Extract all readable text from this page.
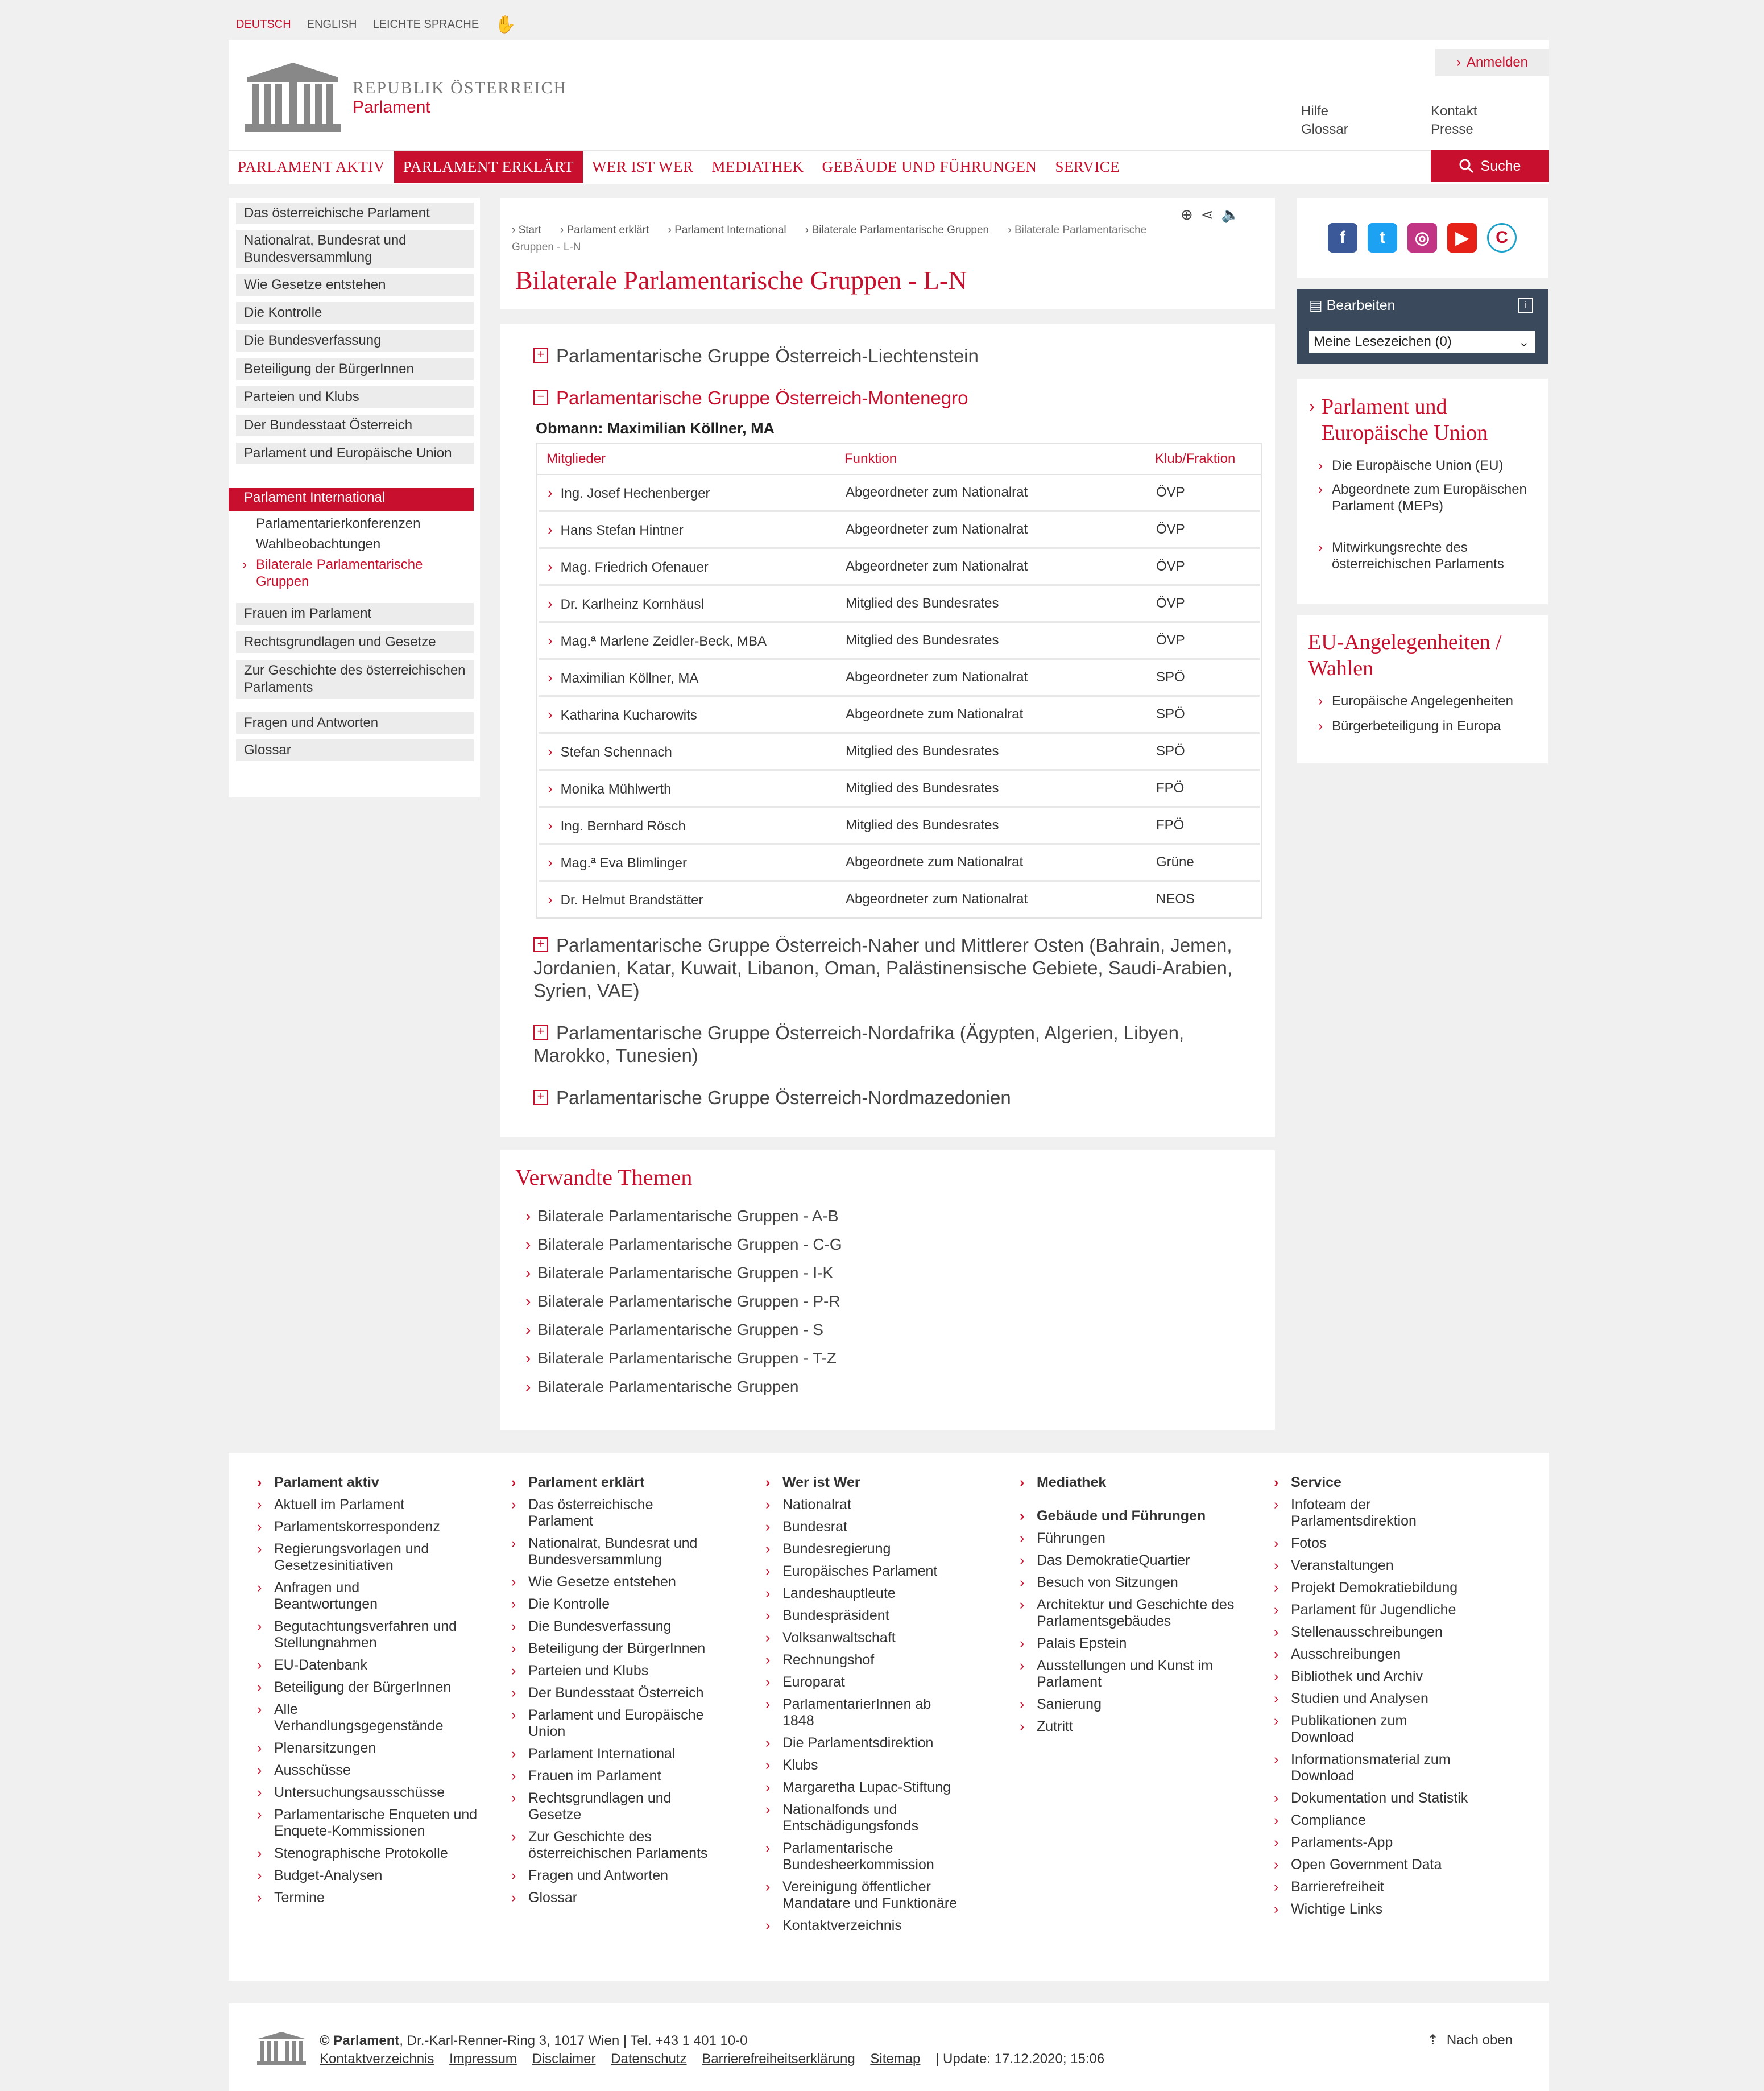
DEUTSCH ENGLISH LEICHTE SPRACHE ✋
› Anmelden
REPUBLIK ÖSTERREICH
Parlament	Hilfe	Kontakt
Glossar	Presse
PARLAMENT AKTIV	PARLAMENT ERKLÄRT	WER IST WER	MEDIATHEK	GEBÄUDE UND FÜHRUNGEN	SERVICE	Suche
Das österreichische Parlament
Nationalrat, Bundesrat und Bundesversammlung
Wie Gesetze entstehen
Die Kontrolle
Die Bundesverfassung
Beteiligung der BürgerInnen
Parteien und Klubs
Der Bundesstaat Österreich
Parlament und Europäische Union
Parlament International
Parlamentarierkonferenzen
Wahlbeobachtungen
› Bilaterale Parlamentarische Gruppen
Frauen im Parlament
Rechtsgrundlagen und Gesetze
Zur Geschichte des österreichischen Parlaments
Fragen und Antworten
Glossar
⊕ ⋖ 🔈
› Start › Parlament erklärt › Parlament International › Bilaterale Parlamentarische Gruppen › Bilaterale Parlamentarische Gruppen - L-N
Bilaterale Parlamentarische Gruppen - L-N
+ Parlamentarische Gruppe Österreich-Liechtenstein
− Parlamentarische Gruppe Österreich-Montenegro
Obmann: Maximilian Köllner, MA
Mitglieder	Funktion	Klub/Fraktion
› Ing. Josef Hechenberger	Abgeordneter zum Nationalrat	ÖVP
› Hans Stefan Hintner	Abgeordneter zum Nationalrat	ÖVP
› Mag. Friedrich Ofenauer	Abgeordneter zum Nationalrat	ÖVP
› Dr. Karlheinz Kornhäusl	Mitglied des Bundesrates	ÖVP
› Mag.ª Marlene Zeidler-Beck, MBA	Mitglied des Bundesrates	ÖVP
› Maximilian Köllner, MA	Abgeordneter zum Nationalrat	SPÖ
› Katharina Kucharowits	Abgeordnete zum Nationalrat	SPÖ
› Stefan Schennach	Mitglied des Bundesrates	SPÖ
› Monika Mühlwerth	Mitglied des Bundesrates	FPÖ
› Ing. Bernhard Rösch	Mitglied des Bundesrates	FPÖ
› Mag.ª Eva Blimlinger	Abgeordnete zum Nationalrat	Grüne
› Dr. Helmut Brandstätter	Abgeordneter zum Nationalrat	NEOS
+ Parlamentarische Gruppe Österreich-Naher und Mittlerer Osten (Bahrain, Jemen, Jordanien, Katar, Kuwait, Libanon, Oman, Palästinensische Gebiete, Saudi-Arabien, Syrien, VAE)
+ Parlamentarische Gruppe Österreich-Nordafrika (Ägypten, Algerien, Libyen, Marokko, Tunesien)
+ Parlamentarische Gruppe Österreich-Nordmazedonien
Verwandte Themen
› Bilaterale Parlamentarische Gruppen - A-B
› Bilaterale Parlamentarische Gruppen - C-G
› Bilaterale Parlamentarische Gruppen - I-K
› Bilaterale Parlamentarische Gruppen - P-R
› Bilaterale Parlamentarische Gruppen - S
› Bilaterale Parlamentarische Gruppen - T-Z
› Bilaterale Parlamentarische Gruppen
f	t	◎	▶	C
▤ Bearbeiten	i
Meine Lesezeichen (0)	⌄
› Parlament und Europäische Union
› Die Europäische Union (EU)
› Abgeordnete zum Europäischen Parlament (MEPs)
› Mitwirkungsrechte des österreichischen Parlaments
EU-Angelegenheiten / Wahlen
› Europäische Angelegenheiten
› Bürgerbeteiligung in Europa
› Parlament aktiv
› Aktuell im Parlament
› Parlamentskorrespondenz
› Regierungsvorlagen und Gesetzesinitiativen
› Anfragen und Beantwortungen
› Begutachtungsverfahren und Stellungnahmen
› EU-Datenbank
› Beteiligung der BürgerInnen
› Alle Verhandlungsgegenstände
› Plenarsitzungen
› Ausschüsse
› Untersuchungsausschüsse
› Parlamentarische Enqueten und Enquete-Kommissionen
› Stenographische Protokolle
› Budget-Analysen
› Termine
› Parlament erklärt
› Das österreichische Parlament
› Nationalrat, Bundesrat und Bundesversammlung
› Wie Gesetze entstehen
› Die Kontrolle
› Die Bundesverfassung
› Beteiligung der BürgerInnen
› Parteien und Klubs
› Der Bundesstaat Österreich
› Parlament und Europäische Union
› Parlament International
› Frauen im Parlament
› Rechtsgrundlagen und Gesetze
› Zur Geschichte des österreichischen Parlaments
› Fragen und Antworten
› Glossar
› Wer ist Wer
› Nationalrat
› Bundesrat
› Bundesregierung
› Europäisches Parlament
› Landeshauptleute
› Bundespräsident
› Volksanwaltschaft
› Rechnungshof
› Europarat
› ParlamentarierInnen ab 1848
› Die Parlamentsdirektion
› Klubs
› Margaretha Lupac-Stiftung
› Nationalfonds und Entschädigungsfonds
› Parlamentarische Bundesheerkommission
› Vereinigung öffentlicher Mandatare und Funktionäre
› Kontaktverzeichnis
› Mediathek
› Gebäude und Führungen
› Führungen
› Das DemokratieQuartier
› Besuch von Sitzungen
› Architektur und Geschichte des Parlamentsgebäudes
› Palais Epstein
› Ausstellungen und Kunst im Parlament
› Sanierung
› Zutritt
› Service
› Infoteam der Parlamentsdirektion
› Fotos
› Veranstaltungen
› Projekt Demokratiebildung
› Parlament für Jugendliche
› Stellenausschreibungen
› Ausschreibungen
› Bibliothek und Archiv
› Studien und Analysen
› Publikationen zum Download
› Informationsmaterial zum Download
› Dokumentation und Statistik
› Compliance
› Parlaments-App
› Open Government Data
› Barrierefreiheit
› Wichtige Links
© Parlament, Dr.-Karl-Renner-Ring 3, 1017 Wien | Tel. +43 1 401 10-0
Kontaktverzeichnis Impressum Disclaimer Datenschutz Barrierefreiheitserklärung Sitemap | Update: 17.12.2020; 15:06
⇡ Nach oben
